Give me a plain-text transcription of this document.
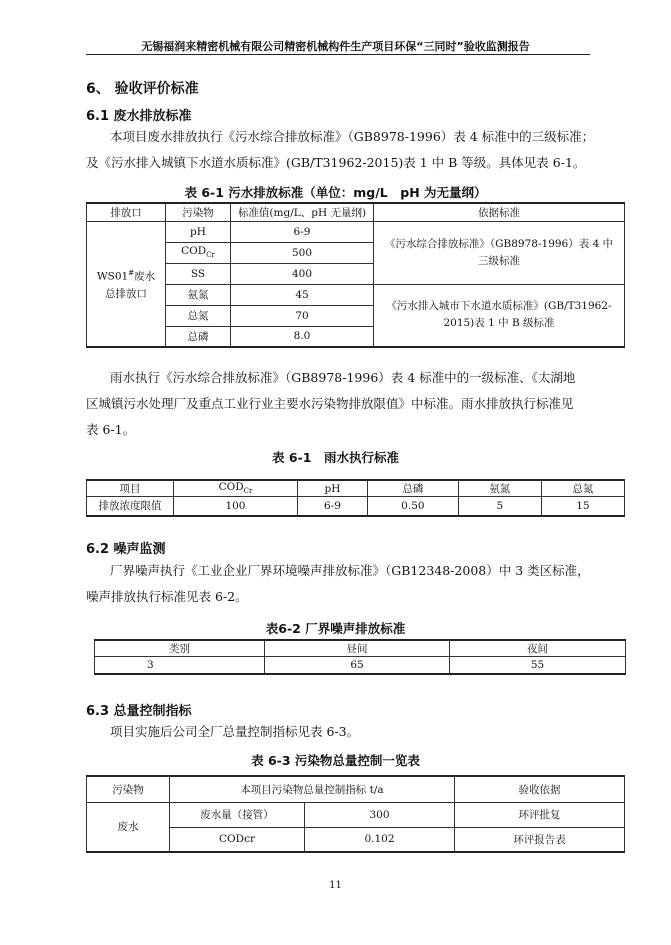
无锡福润来精密机械有限公司精密机械构件生产项目环保“三同时”验收监测报告
6、 验收评价标准
6.1 废水排放标准
本项目废水排放执行《污水综合排放标准》（GB8978-1996）表 4 标准中的三级标准；
及《污水排入城镇下水道水质标准》(GB/T31962-2015)表 1 中 B 等级。具体见表 6-1。
表 6-1 污水排放标准（单位：mg/L　pH 为无量纲）
排放口	污染物	标准值(mg/L、pH 无量纲)	依据标准
WS01#废水
总排放口	pH	6-9	《污水综合排放标准》（GB8978-1996）表 4 中三级标准
	$COD_{Cr}$	500	
	SS	400	
	氨氮	45	《污水排入城市下水道水质标准》(GB/T31962-2015)表 1 中 B 级标准
	总氮	70	
	总磷	8.0	
雨水执行《污水综合排放标准》（GB8978-1996）表 4 标准中的一级标准、《太湖地
区城镇污水处理厂及重点工业行业主要水污染物排放限值》中标准。雨水排放执行标准见
表 6-1。
表 6-1　雨水执行标准
项目	$COD_{Cr}$	pH	总磷	氨氮	总氮
排放浓度限值	100	6-9	0.50	5	15
6.2 噪声监测
厂界噪声执行《工业企业厂界环境噪声排放标准》（GB12348-2008）中 3 类区标准，
噪声排放执行标准见表 6-2。
表6-2 厂界噪声排放标准
类别	昼间	夜间
3	65	55
6.3 总量控制指标
项目实施后公司全厂总量控制指标见表 6-3。
表 6-3 污染物总量控制一览表
污染物	本项目污染物总量控制指标 t/a		验收依据
废水	废水量（接管）	300	环评批复
	CODcr	0.102	环评报告表
11
